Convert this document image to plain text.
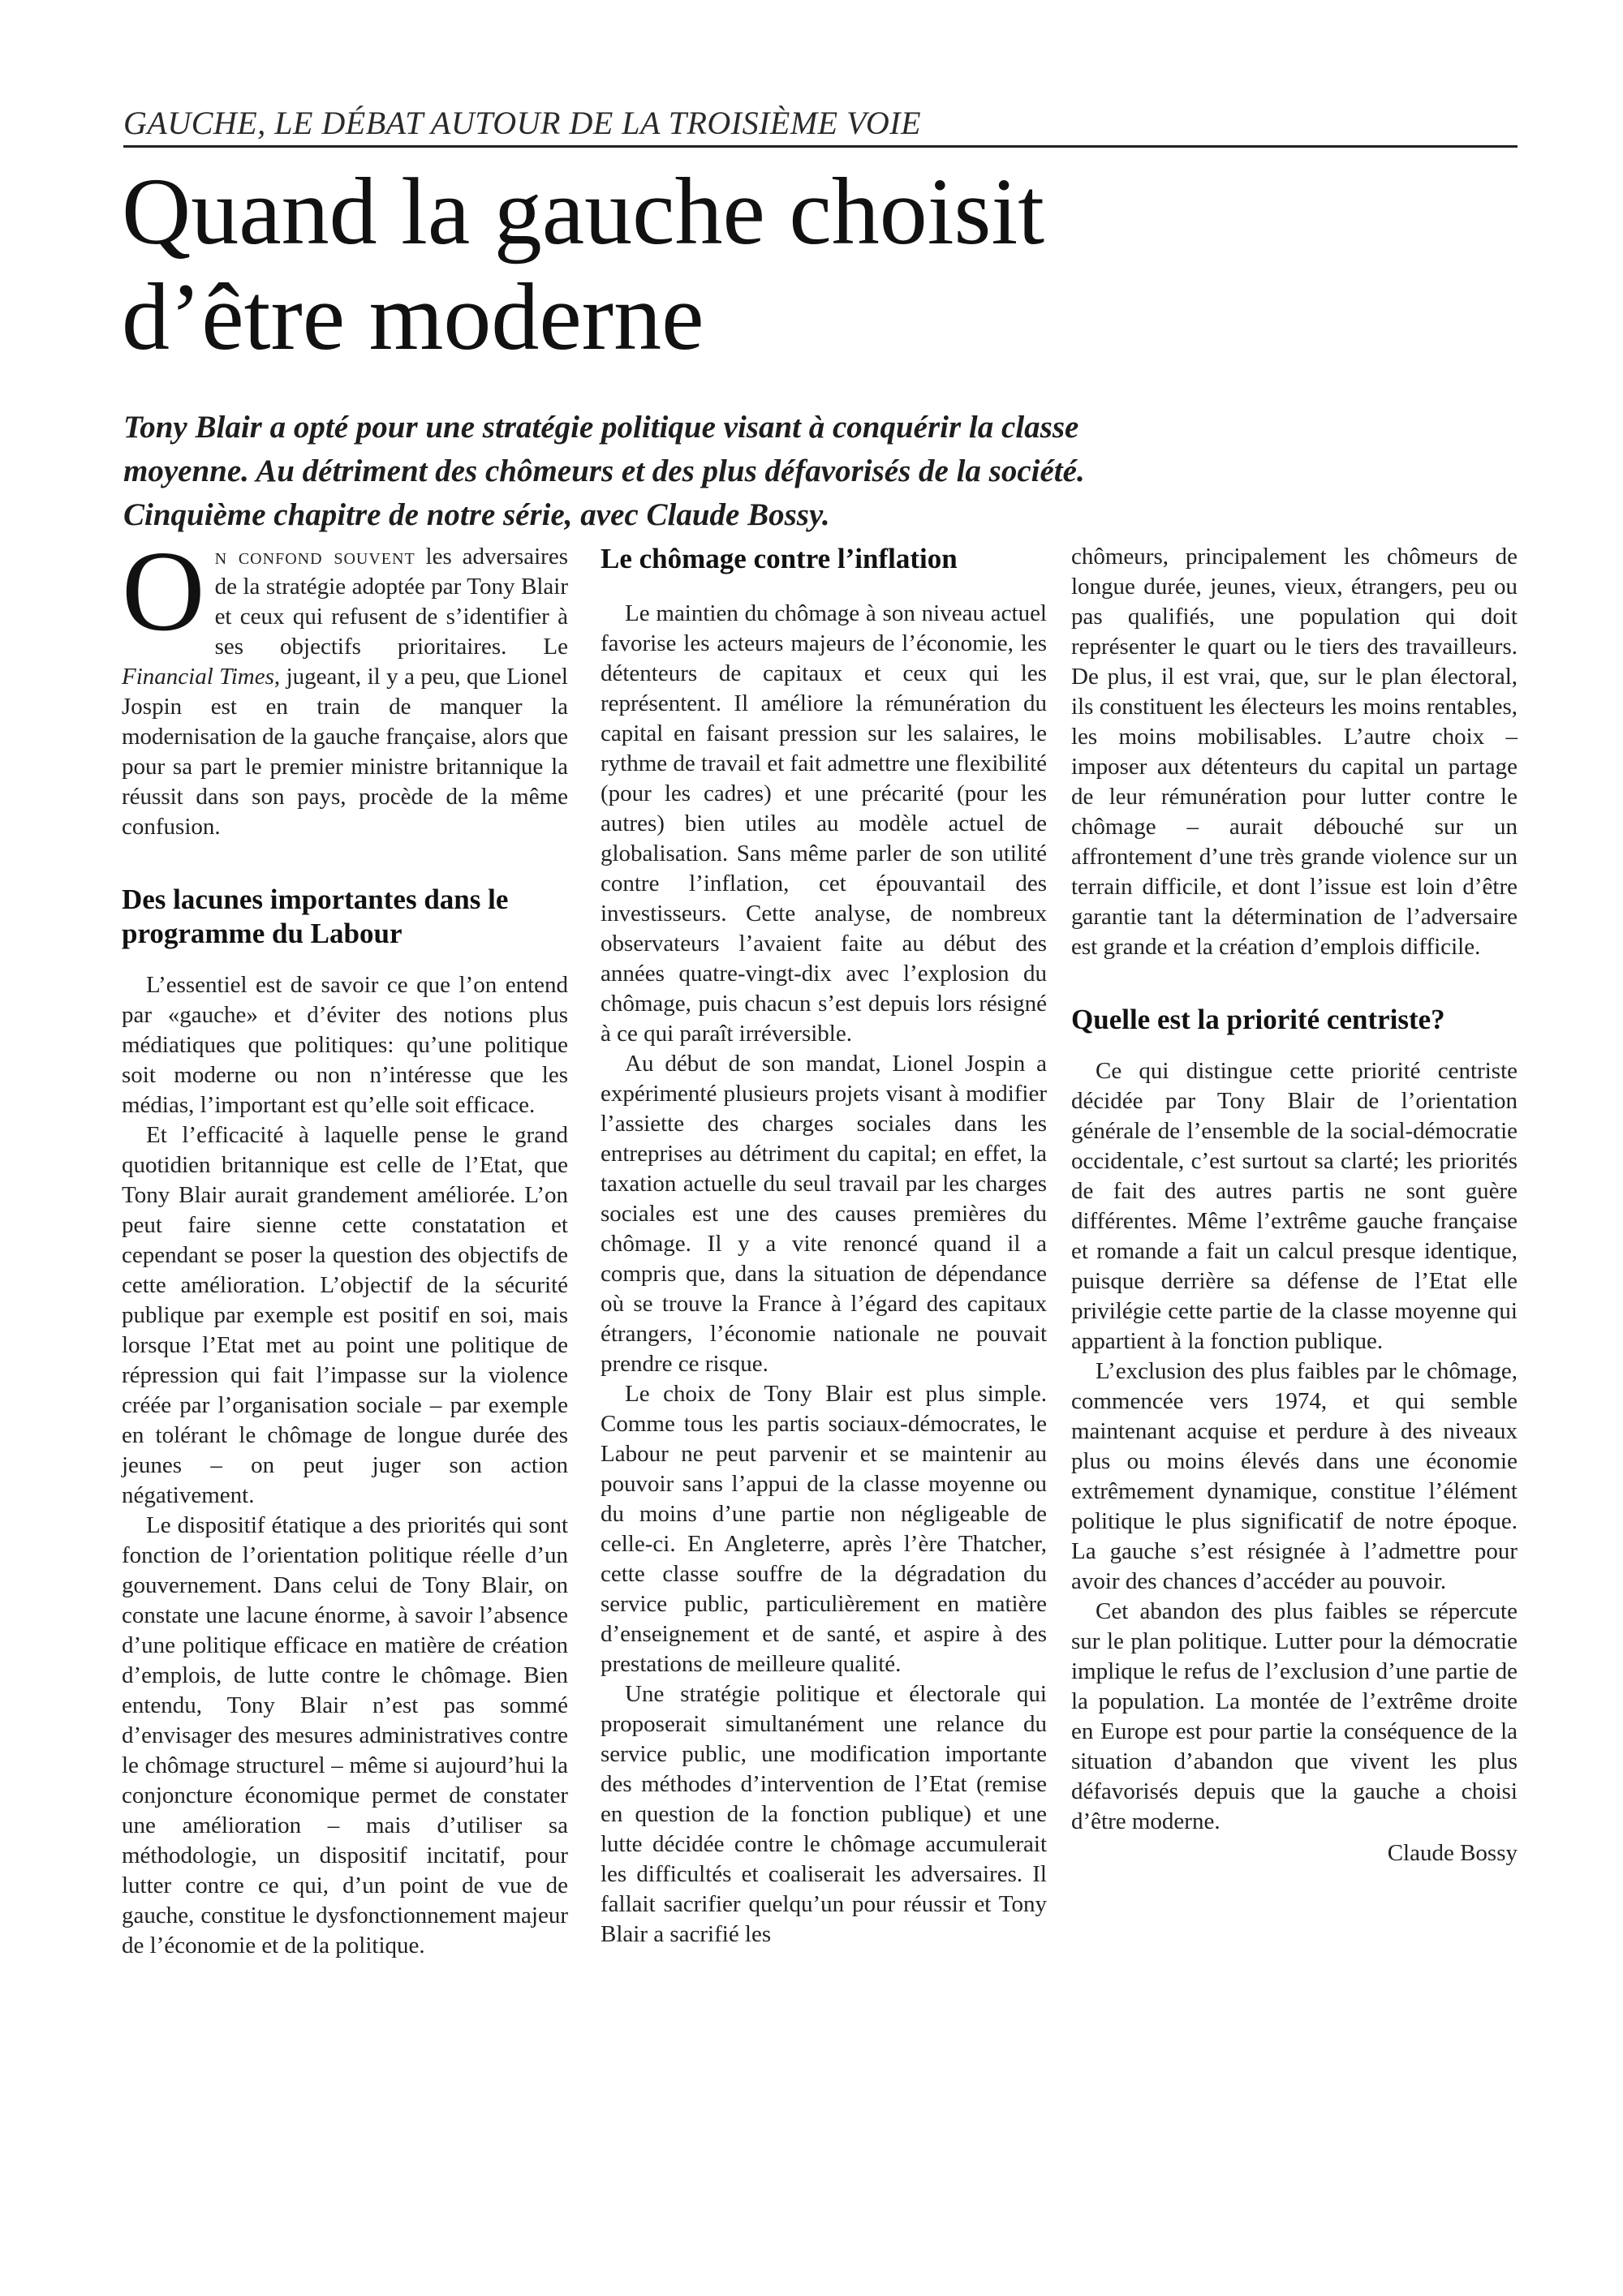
GAUCHE, LE DÉBAT AUTOUR DE LA TROISIÈME VOIE
Quand la gauche choisit
d’être moderne
Tony Blair a opté pour une stratégie politique visant à conquérir la classe
moyenne. Au détriment des chômeurs et des plus défavorisés de la société.
Cinquième chapitre de notre série, avec Claude Bossy.

On confond souvent les adversaires de la stratégie adoptée par Tony Blair et ceux qui refusent de s’identifier à ses objectifs prioritaires. Le Financial Times, jugeant, il y a peu, que Lionel Jospin est en train de manquer la modernisation de la gauche française, alors que pour sa part le premier ministre britannique la réussit dans son pays, procède de la même confusion.

Des lacunes importantes dans le programme du Labour

L’essentiel est de savoir ce que l’on entend par «gauche» et d’éviter des notions plus médiatiques que politiques: qu’une politique soit moderne ou non n’intéresse que les médias, l’important est qu’elle soit efficace.

Et l’efficacité à laquelle pense le grand quotidien britannique est celle de l’Etat, que Tony Blair aurait grandement améliorée. L’on peut faire sienne cette constatation et cependant se poser la question des objectifs de cette amélioration. L’objectif de la sécurité publique par exemple est positif en soi, mais lorsque l’Etat met au point une politique de répression qui fait l’impasse sur la violence créée par l’organisation sociale – par exemple en tolérant le chômage de longue durée des jeunes – on peut juger son action négativement.

Le dispositif étatique a des priorités qui sont fonction de l’orientation politique réelle d’un gouvernement. Dans celui de Tony Blair, on constate une lacune énorme, à savoir l’absence d’une politique efficace en matière de création d’emplois, de lutte contre le chômage. Bien entendu, Tony Blair n’est pas sommé d’envisager des mesures administratives contre le chômage structurel – même si aujourd’hui la conjoncture économique permet de constater une amélioration – mais d’utiliser sa méthodologie, un dispositif incitatif, pour lutter contre ce qui, d’un point de vue de gauche, constitue le dysfonctionnement majeur de l’économie et de la politique.

Le chômage contre l’inflation

Le maintien du chômage à son niveau actuel favorise les acteurs majeurs de l’économie, les détenteurs de capitaux et ceux qui les représentent. Il améliore la rémunération du capital en faisant pression sur les salaires, le rythme de travail et fait admettre une flexibilité (pour les cadres) et une précarité (pour les autres) bien utiles au modèle actuel de globalisation. Sans même parler de son utilité contre l’inflation, cet épouvantail des investisseurs. Cette analyse, de nombreux observateurs l’avaient faite au début des années quatre-vingt-dix avec l’explosion du chômage, puis chacun s’est depuis lors résigné à ce qui paraît irréversible.

Au début de son mandat, Lionel Jospin a expérimenté plusieurs projets visant à modifier l’assiette des charges sociales dans les entreprises au détriment du capital; en effet, la taxation actuelle du seul travail par les charges sociales est une des causes premières du chômage. Il y a vite renoncé quand il a compris que, dans la situation de dépendance où se trouve la France à l’égard des capitaux étrangers, l’économie nationale ne pouvait prendre ce risque.

Le choix de Tony Blair est plus simple. Comme tous les partis sociaux-démocrates, le Labour ne peut parvenir et se maintenir au pouvoir sans l’appui de la classe moyenne ou du moins d’une partie non négligeable de celle-ci. En Angleterre, après l’ère Thatcher, cette classe souffre de la dégradation du service public, particulièrement en matière d’enseignement et de santé, et aspire à des prestations de meilleure qualité.

Une stratégie politique et électorale qui proposerait simultanément une relance du service public, une modification importante des méthodes d’intervention de l’Etat (remise en question de la fonction publique) et une lutte décidée contre le chômage accumulerait les difficultés et coaliserait les adversaires. Il fallait sacrifier quelqu’un pour réussir et Tony Blair a sacrifié les

chômeurs, principalement les chômeurs de longue durée, jeunes, vieux, étrangers, peu ou pas qualifiés, une population qui doit représenter le quart ou le tiers des travailleurs. De plus, il est vrai, que, sur le plan électoral, ils constituent les électeurs les moins rentables, les moins mobilisables. L’autre choix – imposer aux détenteurs du capital un partage de leur rémunération pour lutter contre le chômage – aurait débouché sur un affrontement d’une très grande violence sur un terrain difficile, et dont l’issue est loin d’être garantie tant la détermination de l’adversaire est grande et la création d’emplois difficile.

Quelle est la priorité centriste?

Ce qui distingue cette priorité centriste décidée par Tony Blair de l’orientation générale de l’ensemble de la social-démocratie occidentale, c’est surtout sa clarté; les priorités de fait des autres partis ne sont guère différentes. Même l’extrême gauche française et romande a fait un calcul presque identique, puisque derrière sa défense de l’Etat elle privilégie cette partie de la classe moyenne qui appartient à la fonction publique.

L’exclusion des plus faibles par le chômage, commencée vers 1974, et qui semble maintenant acquise et perdure à des niveaux plus ou moins élevés dans une économie extrêmement dynamique, constitue l’élément politique le plus significatif de notre époque. La gauche s’est résignée à l’admettre pour avoir des chances d’accéder au pouvoir.

Cet abandon des plus faibles se répercute sur le plan politique. Lutter pour la démocratie implique le refus de l’exclusion d’une partie de la population. La montée de l’extrême droite en Europe est pour partie la conséquence de la situation d’abandon que vivent les plus défavorisés depuis que la gauche a choisi d’être moderne.

Claude Bossy
